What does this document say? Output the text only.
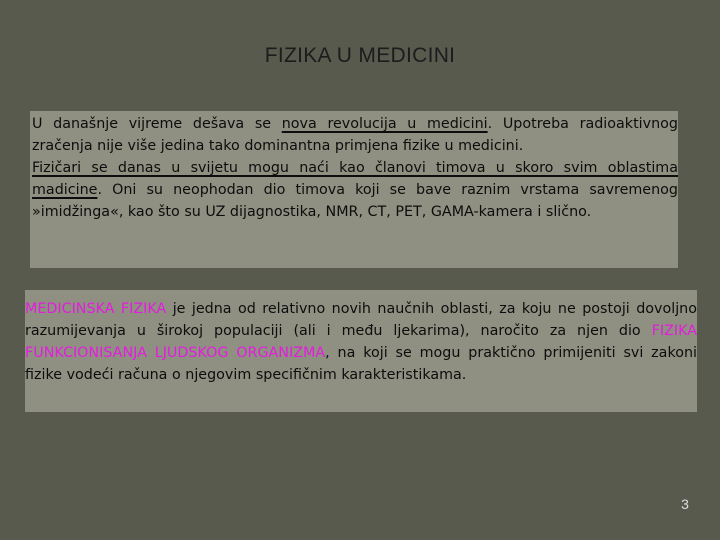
FIZIKA U MEDICINI

U današnje vijreme dešava se nova revolucija u medicini. Upotreba radioaktivnog zračenja nije više jedina tako dominantna primjena fizike u medicini.

Fizičari se danas u svijetu mogu naći kao članovi timova u skoro svim oblastima madicine. Oni su neophodan dio timova koji se bave raznim vrstama savremenog »imidžinga«, kao što su UZ dijagnostika, NMR, CT, PET, GAMA-kamera i slično.

MEDICINSKA FIZIKA je jedna od relativno novih naučnih oblasti, za koju ne postoji dovoljno razumijevanja u širokoj populaciji (ali i među ljekarima), naročito za njen dio FIZIKA FUNKCIONISANJA LJUDSKOG ORGANIZMA, na koji se mogu praktično primijeniti svi zakoni fizike vodeći računa o njegovim specifičnim karakteristikama.

3
